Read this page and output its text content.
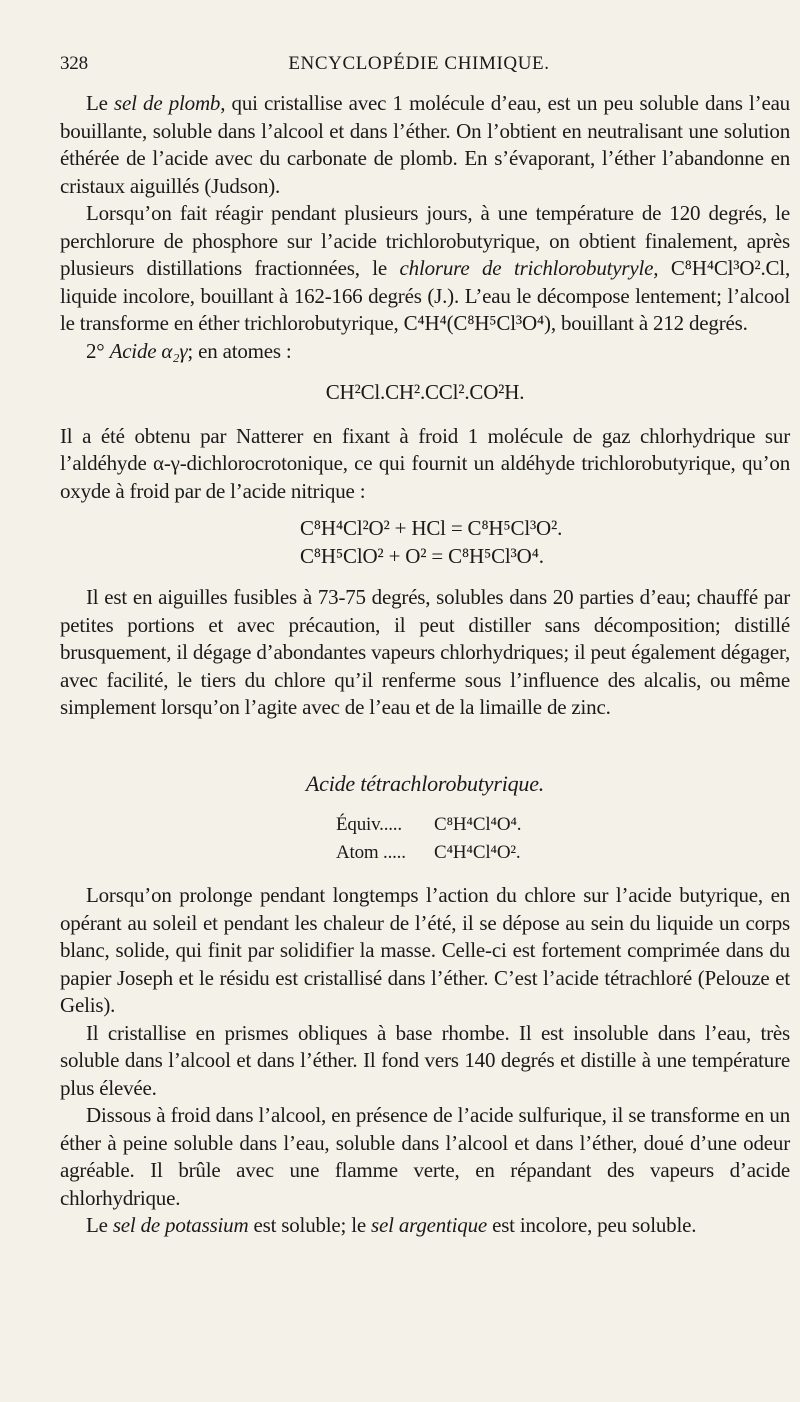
328	ENCYCLOPÉDIE CHIMIQUE.

Le sel de plomb, qui cristallise avec 1 molécule d’eau, est un peu soluble dans l’eau bouillante, soluble dans l’alcool et dans l’éther. On l’obtient en neutralisant une solution éthérée de l’acide avec du carbonate de plomb. En s’évaporant, l’éther l’abandonne en cristaux aiguillés (Judson).

Lorsqu’on fait réagir pendant plusieurs jours, à une température de 120 degrés, le perchlorure de phosphore sur l’acide trichlorobutyrique, on obtient finalement, après plusieurs distillations fractionnées, le chlorure de trichlorobutyryle, C⁸H⁴Cl³O².Cl, liquide incolore, bouillant à 162-166 degrés (J.). L’eau le décompose lentement; l’alcool le transforme en éther trichlorobutyrique, C⁴H⁴(C⁸H⁵Cl³O⁴), bouillant à 212 degrés.

2° Acide α₂γ; en atomes :

CH²Cl.CH².CCl².CO²H.

Il a été obtenu par Natterer en fixant à froid 1 molécule de gaz chlorhydrique sur l’aldéhyde α-γ-dichlorocrotonique, ce qui fournit un aldéhyde trichlorobutyrique, qu’on oxyde à froid par de l’acide nitrique :

C⁸H⁴Cl²O² + HCl = C⁸H⁵Cl³O².
C⁸H⁵ClO² + O² = C⁸H⁵Cl³O⁴.

Il est en aiguilles fusibles à 73-75 degrés, solubles dans 20 parties d’eau; chauffé par petites portions et avec précaution, il peut distiller sans décomposition; distillé brusquement, il dégage d’abondantes vapeurs chlorhydriques; il peut également dégager, avec facilité, le tiers du chlore qu’il renferme sous l’influence des alcalis, ou même simplement lorsqu’on l’agite avec de l’eau et de la limaille de zinc.

Acide tétrachlorobutyrique.
Équiv..... C⁸H⁴Cl⁴O⁴.
Atom ..... C⁴H⁴Cl⁴O².

Lorsqu’on prolonge pendant longtemps l’action du chlore sur l’acide butyrique, en opérant au soleil et pendant les chaleur de l’été, il se dépose au sein du liquide un corps blanc, solide, qui finit par solidifier la masse. Celle-ci est fortement comprimée dans du papier Joseph et le résidu est cristallisé dans l’éther. C’est l’acide tétrachloré (Pelouze et Gelis).

Il cristallise en prismes obliques à base rhombe. Il est insoluble dans l’eau, très soluble dans l’alcool et dans l’éther. Il fond vers 140 degrés et distille à une température plus élevée.

Dissous à froid dans l’alcool, en présence de l’acide sulfurique, il se transforme en un éther à peine soluble dans l’eau, soluble dans l’alcool et dans l’éther, doué d’une odeur agréable. Il brûle avec une flamme verte, en répandant des vapeurs d’acide chlorhydrique.

Le sel de potassium est soluble; le sel argentique est incolore, peu soluble.
